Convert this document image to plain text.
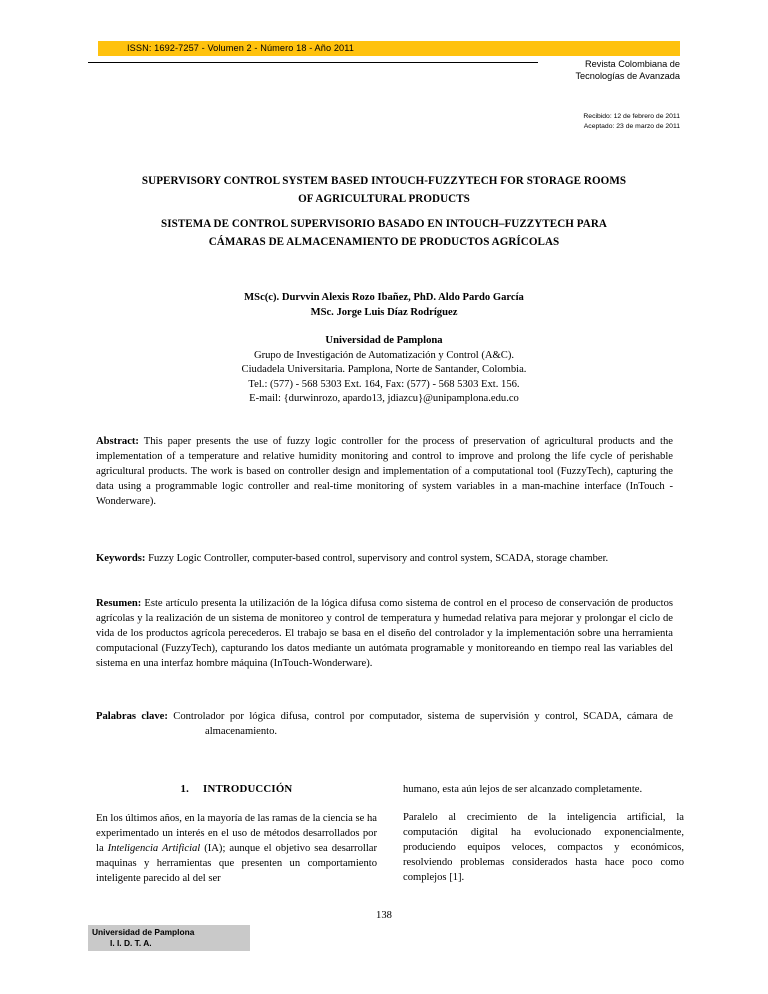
ISSN: 1692-7257 - Volumen 2 - Número 18 - Año 2011
Revista Colombiana de
Tecnologías de Avanzada
Recibido: 12 de febrero de 2011
Aceptado: 23 de marzo de 2011
SUPERVISORY CONTROL SYSTEM BASED INTOUCH-FUZZYTECH FOR STORAGE ROOMS OF AGRICULTURAL PRODUCTS
SISTEMA DE CONTROL SUPERVISORIO BASADO EN INTOUCH–FUZZYTECH PARA CÁMARAS DE ALMACENAMIENTO DE PRODUCTOS AGRÍCOLAS
MSc(c). Durvvin Alexis Rozo Ibañez, PhD. Aldo Pardo García
MSc. Jorge Luis Díaz Rodríguez
Universidad de Pamplona
Grupo de Investigación de Automatización y Control (A&C).
Ciudadela Universitaria. Pamplona, Norte de Santander, Colombia.
Tel.: (577) - 568 5303 Ext. 164, Fax: (577) - 568 5303 Ext. 156.
E-mail: {durwinrozo, apardo13, jdiazcu}@unipamplona.edu.co
Abstract: This paper presents the use of fuzzy logic controller for the process of preservation of agricultural products and the implementation of a temperature and relative humidity monitoring and control to improve and prolong the life cycle of perishable agricultural products. The work is based on controller design and implementation of a computational tool (FuzzyTech), capturing the data using a programmable logic controller and real-time monitoring of system variables in a man-machine interface (InTouch - Wonderware).
Keywords: Fuzzy Logic Controller, computer-based control, supervisory and control system, SCADA, storage chamber.
Resumen: Este artículo presenta la utilización de la lógica difusa como sistema de control en el proceso de conservación de productos agrícolas y la realización de un sistema de monitoreo y control de temperatura y humedad relativa para mejorar y prolongar el ciclo de vida de los productos agrícola perecederos. El trabajo se basa en el diseño del controlador y la implementación sobre una herramienta computacional (FuzzyTech), capturando los datos mediante un autómata programable y monitoreando en tiempo real las variables del sistema en una interfaz hombre máquina (InTouch-Wonderware).
Palabras clave: Controlador por lógica difusa, control por computador, sistema de supervisión y control, SCADA, cámara de almacenamiento.
1. INTRODUCCIÓN

En los últimos años, en la mayoría de las ramas de la ciencia se ha experimentado un interés en el uso de métodos desarrollados por la Inteligencia Artificial (IA); aunque el objetivo sea desarrollar maquinas y herramientas que presenten un comportamiento inteligente parecido al del ser

humano, esta aún lejos de ser alcanzado completamente.

Paralelo al crecimiento de la inteligencia artificial, la computación digital ha evolucionado exponencialmente, produciendo equipos veloces, compactos y económicos, resolviendo problemas considerados hasta hace poco como complejos [1].

138
Universidad de Pamplona
I. I. D. T. A.
